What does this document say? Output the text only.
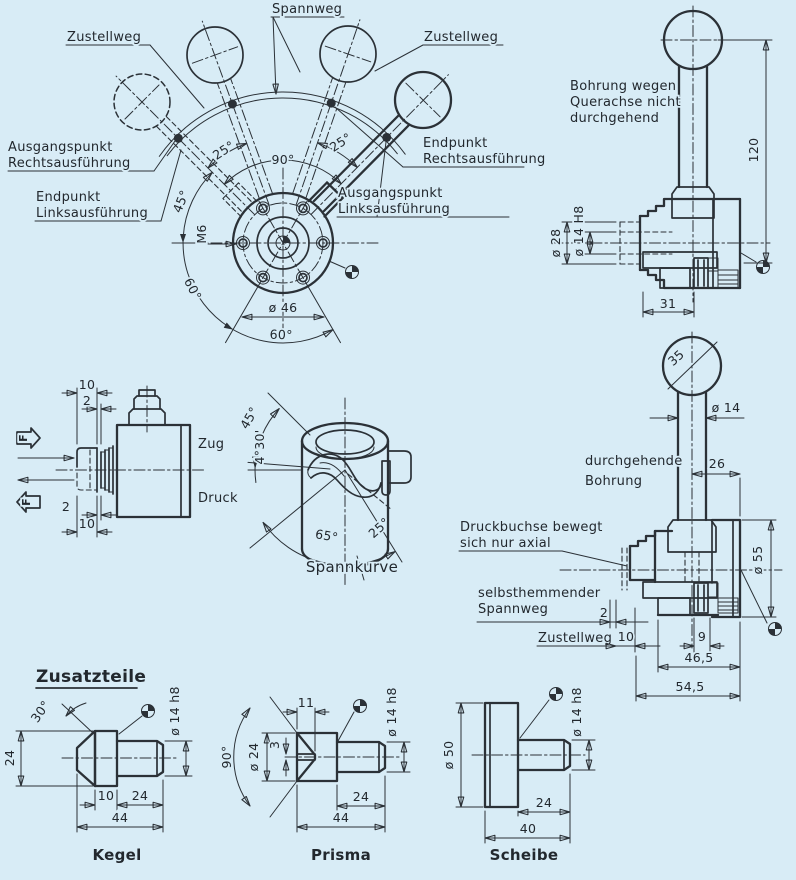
Spannweg
Zustellweg	Zustellweg
Ausgangspunkt
Rechtsausführung
Endpunkt
Linksausführung
Endpunkt
Rechtsausführung
Ausgangspunkt
Linksausführung
90°
25°	25°
45°
60°
60°
ø 46
M6
Bohrung wegen
Querachse nicht
durchgehend
120
ø 28 ø 14 H8
31
F
F
10
2
2
10
Zug
Druck
45°
4°30'
65° 25°
Spannkurve
35
ø 14
26
ø 55
durchgehende
Bohrung
Druckbuchse bewegt
sich nur axial
selbsthemmender
Spannweg	2
Zustellweg 10	9
46,5
54,5
Zusatzteile
30°
24
10 24
44
ø 14 h8
Kegel
90° ø 24 3
11
24
44
ø 14 h8
Prisma
ø 50
24
40
ø 14 h8
Scheibe
